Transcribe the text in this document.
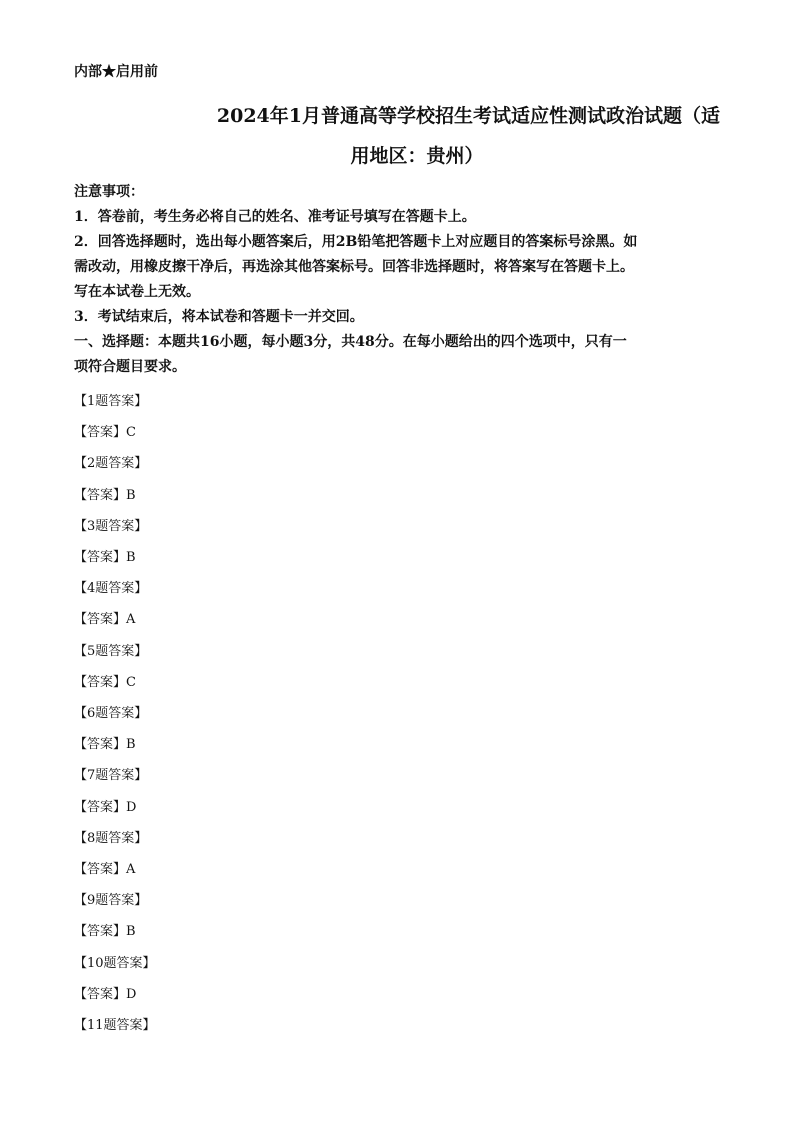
内部★启用前

2024年1月普通高等学校招生考试适应性测试政治试题（适
用地区：贵州）

注意事项：

1．答卷前，考生务必将自己的姓名、准考证号填写在答题卡上。

2．回答选择题时，选出每小题答案后，用2B铅笔把答题卡上对应题目的答案标号涂黑。如

需改动，用橡皮擦干净后，再选涂其他答案标号。回答非选择题时，将答案写在答题卡上。

写在本试卷上无效。

3．考试结束后，将本试卷和答题卡一并交回。

一、选择题：本题共16小题，每小题3分，共48分。在每小题给出的四个选项中，只有一

项符合题目要求。

【1题答案】

【答案】C

【2题答案】

【答案】B

【3题答案】

【答案】B

【4题答案】

【答案】A

【5题答案】

【答案】C

【6题答案】

【答案】B

【7题答案】

【答案】D

【8题答案】

【答案】A

【9题答案】

【答案】B

【10题答案】

【答案】D

【11题答案】
